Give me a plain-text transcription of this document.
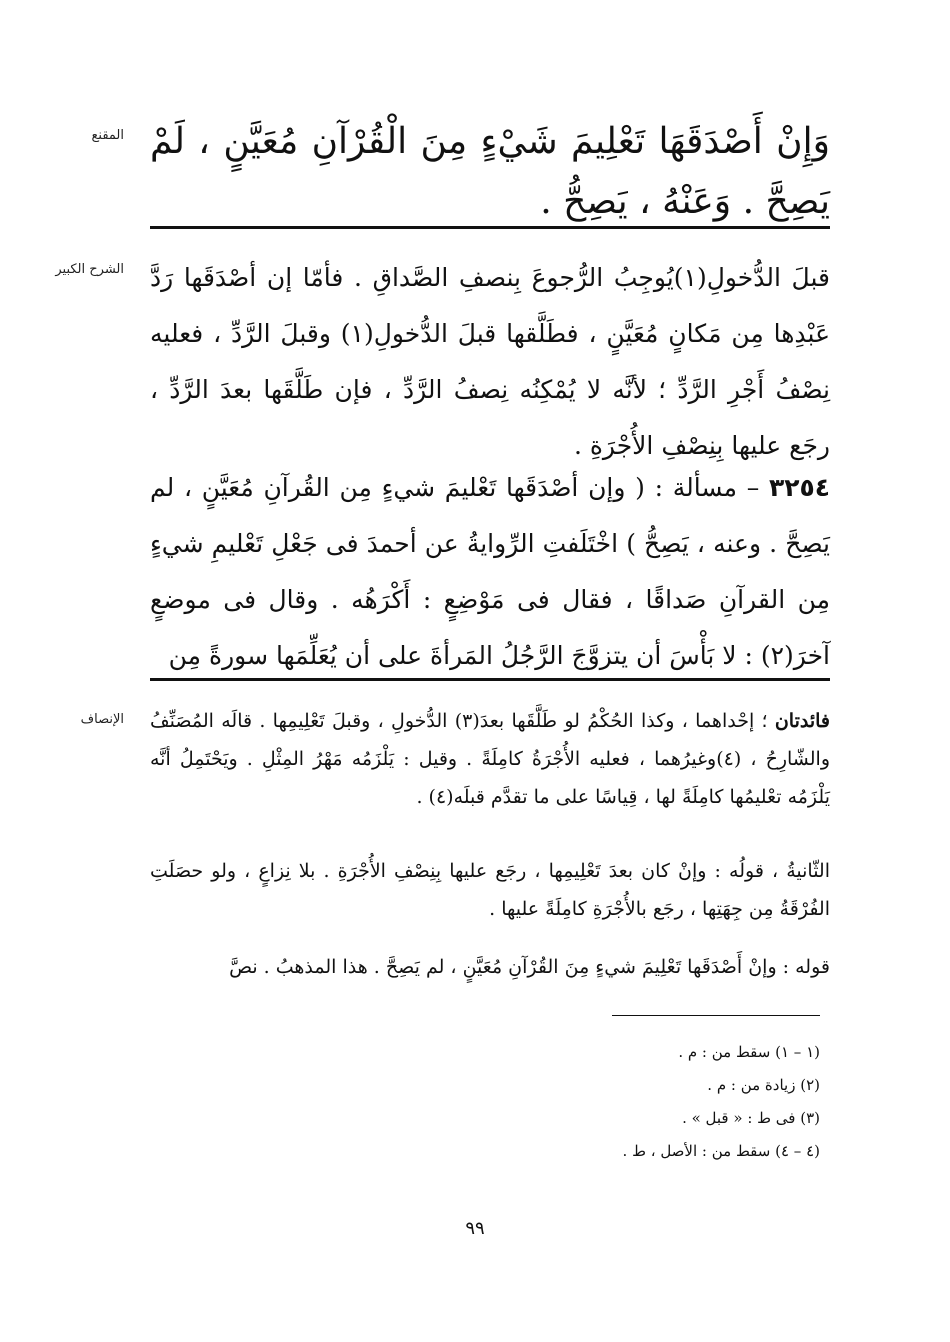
المقنع وَإِنْ أَصْدَقَهَا تَعْلِيمَ شَيْءٍ مِنَ الْقُرْآنِ مُعَيَّنٍ ، لَمْ يَصِحَّ . وَعَنْهُ ، يَصِحُّ .

الشرح الكبير قبلَ الدُّخولِ(١)يُوجِبُ الرُّجوعَ بِنصفِ الصَّداقِ . فأمّا إن أصْدَقَها رَدَّ عَبْدِها مِن مَكانٍ مُعَيَّنٍ ، فطَلَّقها قبلَ الدُّخولِ(١) وقبلَ الرَّدِّ ، فعليه نِصْفُ أَجْرِ الرَّدِّ ؛ لأنَّه لا يُمْكِنُه نِصفُ الرَّدِّ ، فإن طَلَّقَها بعدَ الرَّدِّ ، رجَع عليها بِنِصْفِ الأُجْرَةِ .

٣٢٥٤ – مسألة : ( وإن أصْدَقَها تَعْليمَ شيءٍ مِن القُرآنِ مُعَيَّنٍ ، لم يَصِحَّ . وعنه ، يَصِحُّ ) اخْتَلَفتِ الرِّوايةُ عن أحمدَ فى جَعْلِ تَعْليمِ شيءٍ مِن القرآنِ صَداقًا ، فقال فى مَوْضِعٍ : أَكْرَهُه . وقال فى موضعٍ آخرَ(٢) : لا بَأْسَ أن يتزوَّجَ الرَّجُلُ المَرأةَ على أن يُعَلِّمَها سورةً مِن

الإنصاف	فائدتان ؛ إحْداهما ، وكذا الحُكْمُ لو طَلَّقَها بعدَ(٣) الدُّخولِ ، وقبلَ تَعْلِيمِها . قالَه المُصَنِّفُ والشّارِحُ ، (٤)وغيرُهما ، فعليه الأُجْرَةُ كامِلَةً . وقيل : يَلْزَمُه مَهْرُ المِثْلِ . ويَحْتَمِلُ أنَّه يَلْزَمُه تعْليمُها كامِلَةً لها ، قِياسًا على ما تقدَّم قبلَه(٤) .

الثّانيةُ ، قولُه : وإنْ كان بعدَ تَعْلِيمِها ، رجَع عليها بِنِصْفِ الأُجْرَةِ . بلا نِزاعٍ ، ولو حصَلَتِ الفُرْقَةُ مِن جِهَتِها ، رجَع بالأُجْرَةِ كامِلَةً عليها .

قوله : وإنْ أَصْدَقَها تَعْلِيمَ شيءٍ مِنَ القُرْآنِ مُعَيَّنٍ ، لم يَصِحَّ . هذا المذهبُ . نصَّ

(١ – ١) سقط من : م .
(٢) زيادة من : م .
(٣) فى ط : « قبل » .
(٤ – ٤) سقط من : الأصل ، ط .
٩٩
